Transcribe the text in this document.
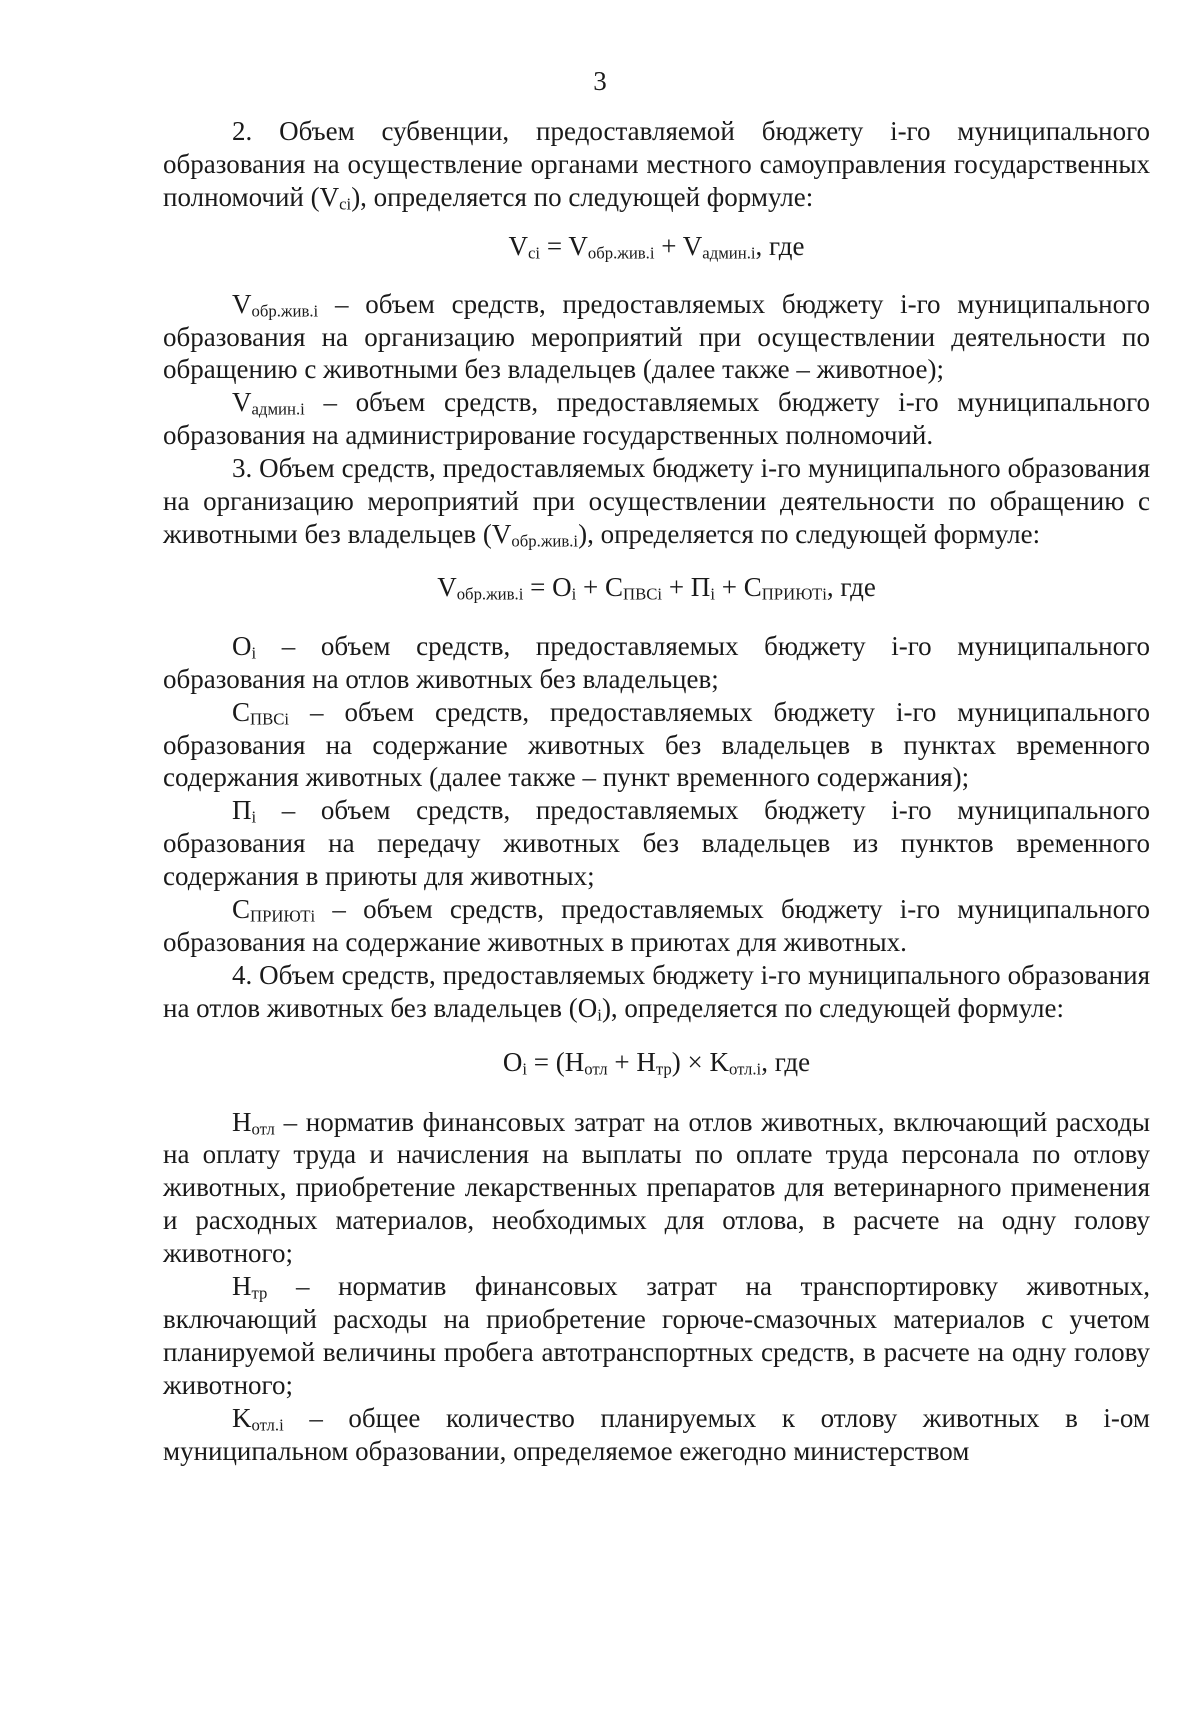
3

2. Объем субвенции, предоставляемой бюджету i-го муниципального образования на осуществление органами местного самоуправления государственных полномочий $(V_{ci})$, определяется по следующей формуле:

$V_{ci} = V_{обр.жив.i} + V_{админ.i}$, где

$V_{обр.жив.i}$ – объем средств, предоставляемых бюджету i-го муниципального образования на организацию мероприятий при осуществлении деятельности по обращению с животными без владельцев (далее также – животное);

$V_{админ.i}$ – объем средств, предоставляемых бюджету i-го муниципального образования на администрирование государственных полномочий.

3. Объем средств, предоставляемых бюджету i-го муниципального образования на организацию мероприятий при осуществлении деятельности по обращению с животными без владельцев $(V_{обр.жив.i})$, определяется по следующей формуле:

$V_{обр.жив.i} = O_i + C_{ПВСi} + П_i + C_{ПРИЮТi}$, где

$O_i$ – объем средств, предоставляемых бюджету i-го муниципального образования на отлов животных без владельцев;

$C_{ПВСi}$ – объем средств, предоставляемых бюджету i-го муниципального образования на содержание животных без владельцев в пунктах временного содержания животных (далее также – пункт временного содержания);

$П_i$ – объем средств, предоставляемых бюджету i-го муниципального образования на передачу животных без владельцев из пунктов временного содержания в приюты для животных;

$C_{ПРИЮТi}$ – объем средств, предоставляемых бюджету i-го муниципального образования на содержание животных в приютах для животных.

4. Объем средств, предоставляемых бюджету i-го муниципального образования на отлов животных без владельцев $(O_i)$, определяется по следующей формуле:

$O_i = (Н_{отл} + Н_{тр}) \times K_{отл.i}$, где

$Н_{отл}$ – норматив финансовых затрат на отлов животных, включающий расходы на оплату труда и начисления на выплаты по оплате труда персонала по отлову животных, приобретение лекарственных препаратов для ветеринарного применения и расходных материалов, необходимых для отлова, в расчете на одну голову животного;

$Н_{тр}$ – норматив финансовых затрат на транспортировку животных, включающий расходы на приобретение горюче-смазочных материалов с учетом планируемой величины пробега автотранспортных средств, в расчете на одну голову животного;

$K_{отл.i}$ – общее количество планируемых к отлову животных в i-ом муниципальном образовании, определяемое ежегодно министерством
